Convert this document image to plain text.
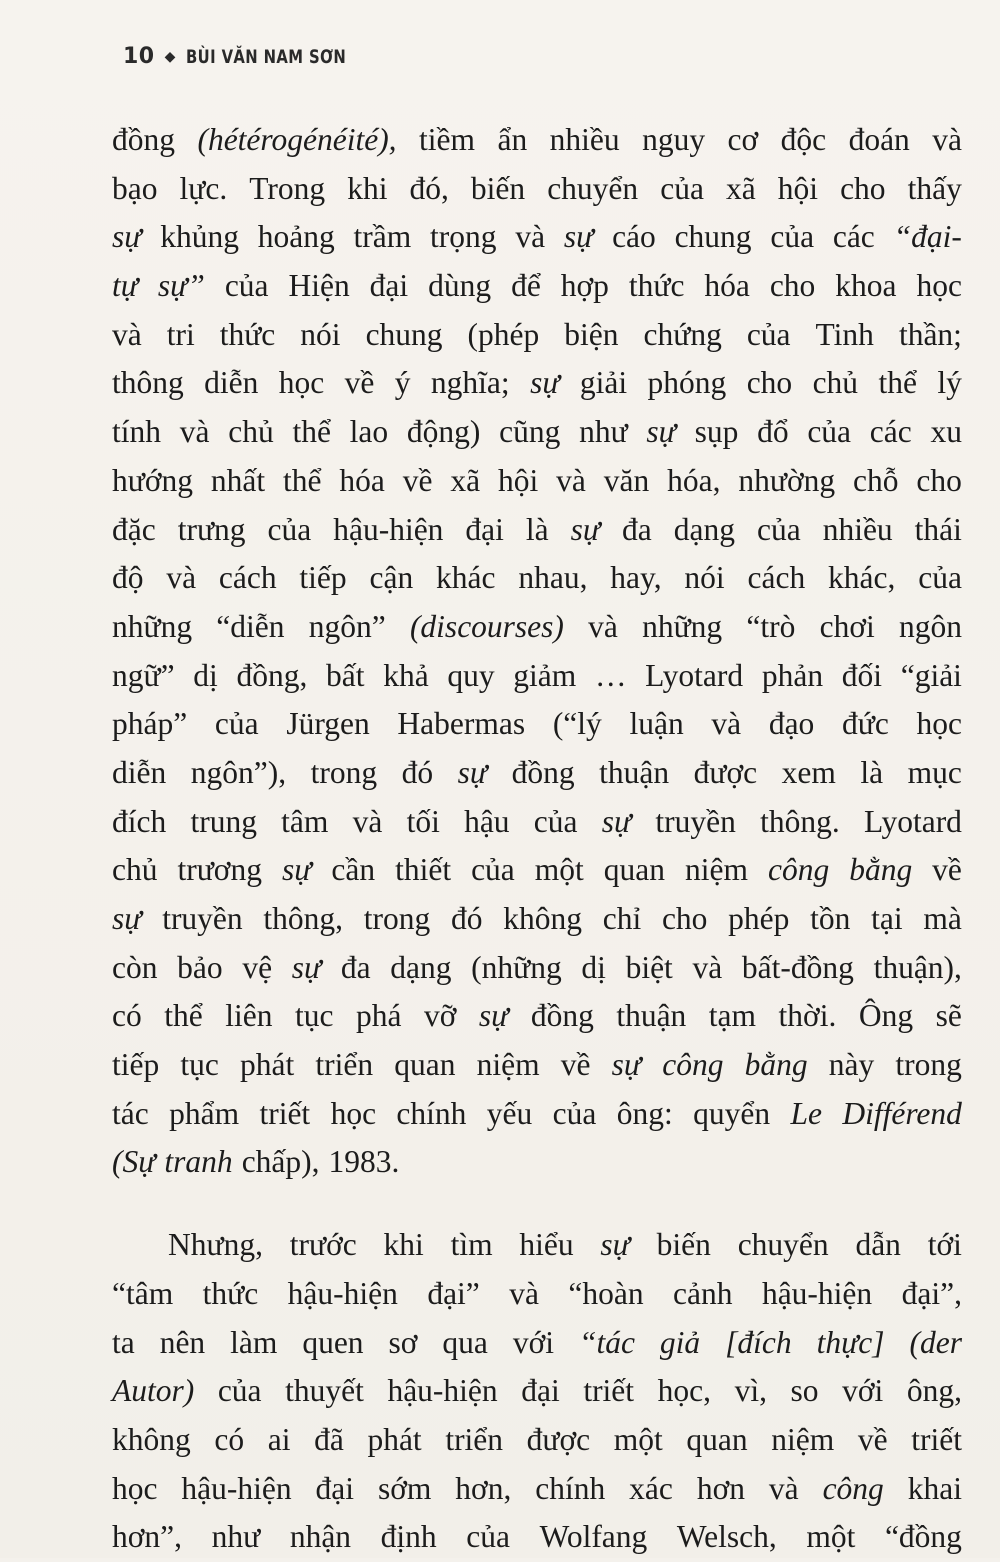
10 ◆ BÙI VĂN NAM SƠN
đồng (hétérogénéité), tiềm ẩn nhiều nguy cơ độc đoán và
bạo lực. Trong khi đó, biến chuyển của xã hội cho thấy
sự khủng hoảng trầm trọng và sự cáo chung của các “đại-
tự sự” của Hiện đại dùng để hợp thức hóa cho khoa học
và tri thức nói chung (phép biện chứng của Tinh thần;
thông diễn học về ý nghĩa; sự giải phóng cho chủ thể lý
tính và chủ thể lao động) cũng như sự sụp đổ của các xu
hướng nhất thể hóa về xã hội và văn hóa, nhường chỗ cho
đặc trưng của hậu-hiện đại là sự đa dạng của nhiều thái
độ và cách tiếp cận khác nhau, hay, nói cách khác, của
những “diễn ngôn” (discourses) và những “trò chơi ngôn
ngữ” dị đồng, bất khả quy giảm … Lyotard phản đối “giải
pháp” của Jürgen Habermas (“lý luận và đạo đức học
diễn ngôn”), trong đó sự đồng thuận được xem là mục
đích trung tâm và tối hậu của sự truyền thông. Lyotard
chủ trương sự cần thiết của một quan niệm công bằng về
sự truyền thông, trong đó không chỉ cho phép tồn tại mà
còn bảo vệ sự đa dạng (những dị biệt và bất-đồng thuận),
có thể liên tục phá vỡ sự đồng thuận tạm thời. Ông sẽ
tiếp tục phát triển quan niệm về sự công bằng này trong
tác phẩm triết học chính yếu của ông: quyển Le Différend
(Sự tranh chấp), 1983.
Nhưng, trước khi tìm hiểu sự biến chuyển dẫn tới
“tâm thức hậu-hiện đại” và “hoàn cảnh hậu-hiện đại”,
ta nên làm quen sơ qua với “tác giả [đích thực] (der
Autor) của thuyết hậu-hiện đại triết học, vì, so với ông,
không có ai đã phát triển được một quan niệm về triết
học hậu-hiện đại sớm hơn, chính xác hơn và công khai
hơn”, như nhận định của Wolfang Welsch, một “đồng
